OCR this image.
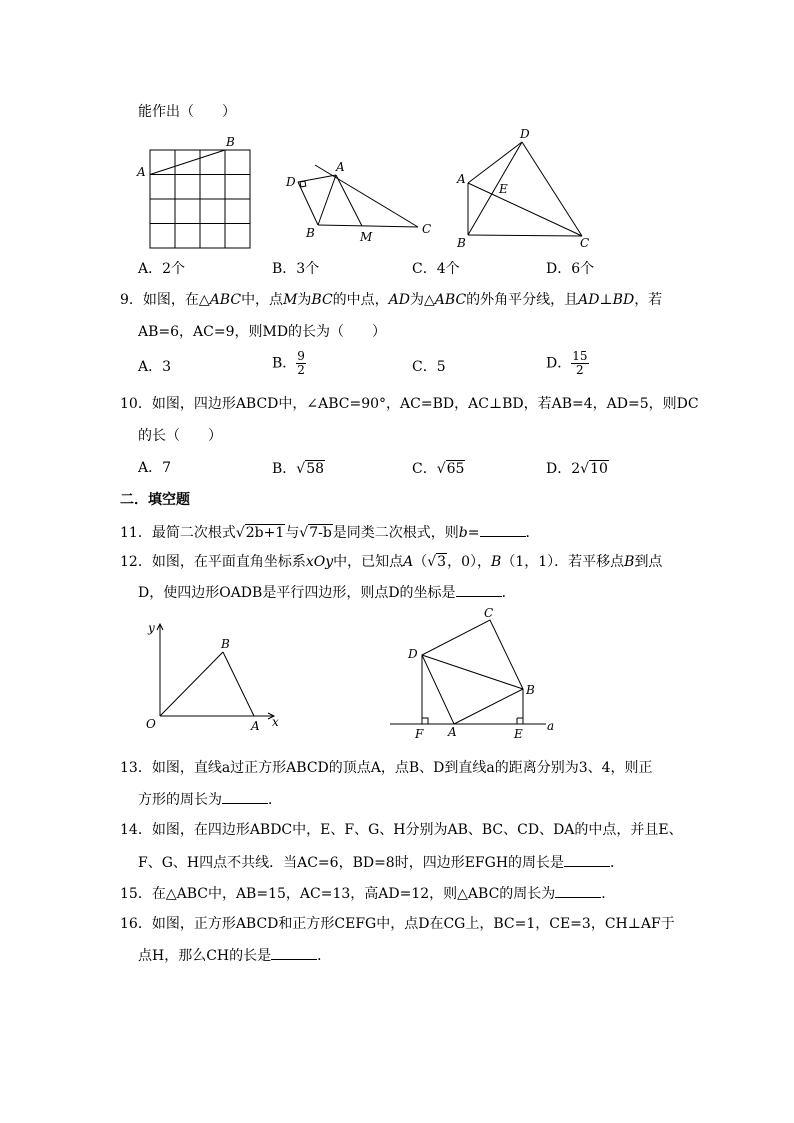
能作出（　　）
A
B
D
A
B	M
C
D
A
E
B	C
A．2个	B．3个	C．4个	D．6个
9．如图，在△ABC中，点M为BC的中点，AD为△ABC的外角平分线，且AD⊥BD，若
AB=6，AC=9，则MD的长为（　　）
A．3	B． $\frac{9}{2}$	C．5	D． $\frac{15}{2}$
10．如图，四边形ABCD中，∠ABC=90°，AC=BD，AC⊥BD，若AB=4，AD=5，则DC
的长（　　）
A．7	B．√58	C．√65	D．2√10
二．填空题
11．最简二次根式√2b+1与√7-b是同类二次根式，则b=	．
12．如图，在平面直角坐标系xOy中，已知点A（√3，0），B（1，1）．若平移点B到点
D，使四边形OADB是平行四边形，则点D的坐标是	．
y
B
O	A x
C
D
B
F A	E
a
13．如图，直线a过正方形ABCD的顶点A，点B、D到直线a的距离分别为3、4，则正
方形的周长为	．
14．如图，在四边形ABDC中，E、F、G、H分别为AB、BC、CD、DA的中点，并且E、
F、G、H四点不共线．当AC=6，BD=8时，四边形EFGH的周长是	．
15．在△ABC中，AB=15，AC=13，高AD=12，则△ABC的周长为	．
16．如图，正方形ABCD和正方形CEFG中，点D在CG上，BC=1，CE=3，CH⊥AF于
点H，那么CH的长是	．
